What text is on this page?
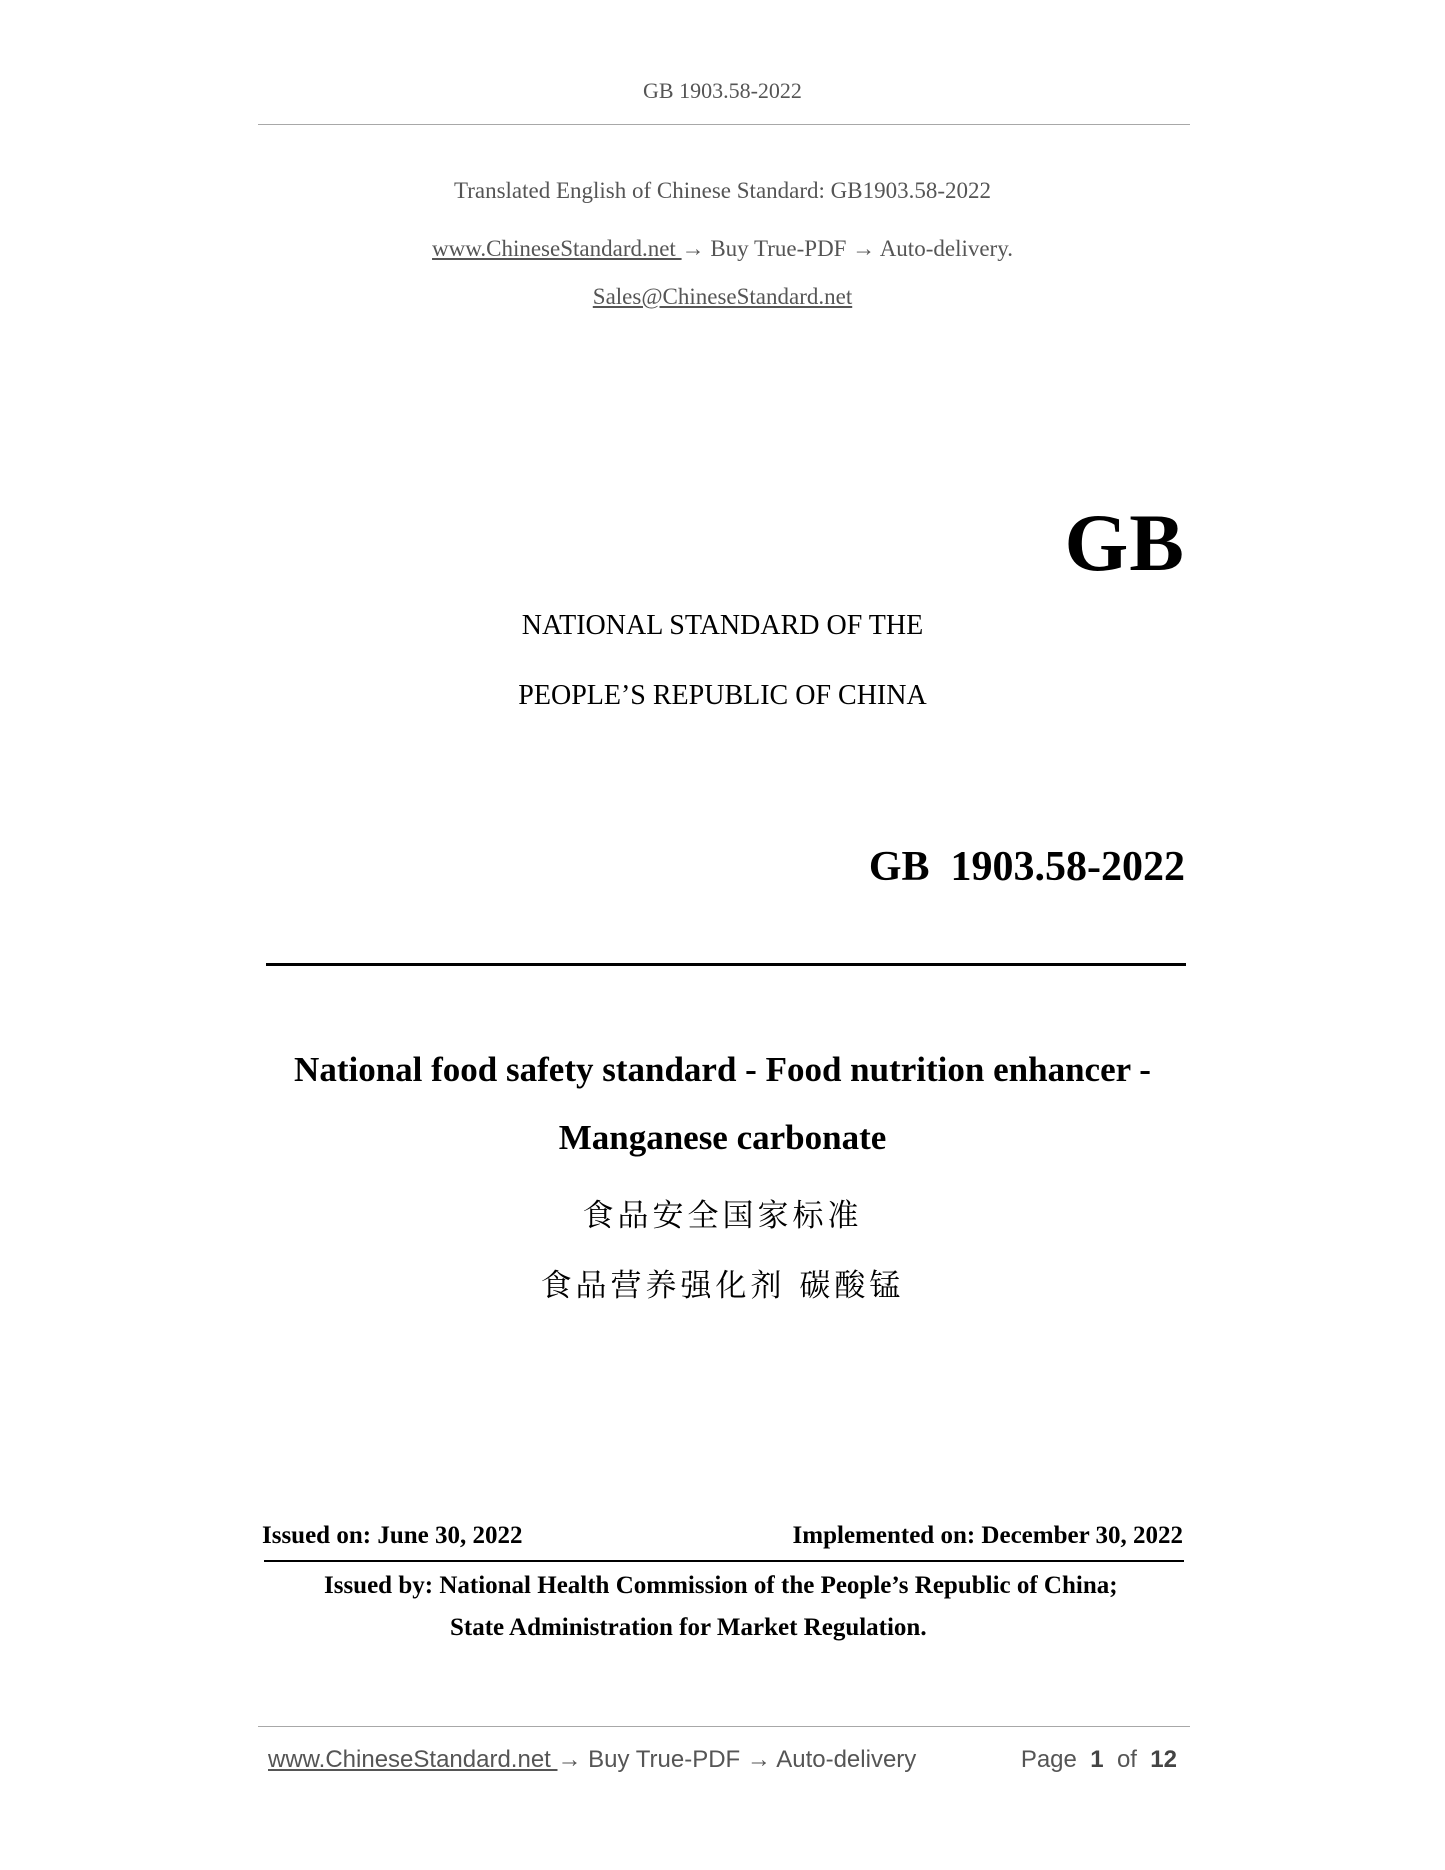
GB 1903.58-2022
Translated English of Chinese Standard: GB1903.58-2022
www.ChineseStandard.net → Buy True-PDF → Auto-delivery.
Sales@ChineseStandard.net
GB
NATIONAL STANDARD OF THE
PEOPLE’S REPUBLIC OF CHINA
GB  1903.58-2022
National food safety standard - Food nutrition enhancer -
Manganese carbonate
食品安全国家标准
食品营养强化剂 碳酸锰
Issued on: June 30, 2022	Implemented on: December 30, 2022
Issued by: National Health Commission of the People’s Republic of China;
State Administration for Market Regulation.
www.ChineseStandard.net → Buy True-PDF → Auto-delivery	Page 1 of 12
